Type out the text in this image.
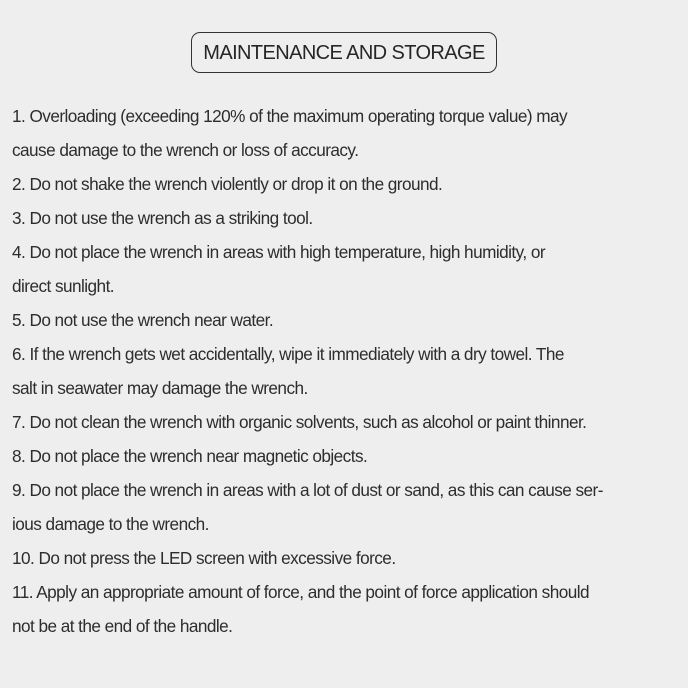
MAINTENANCE AND STORAGE
1. Overloading (exceeding 120% of the maximum operating torque value) may
cause damage to the wrench or loss of accuracy.
2. Do not shake the wrench violently or drop it on the ground.
3. Do not use the wrench as a striking tool.
4. Do not place the wrench in areas with high temperature, high humidity, or
direct sunlight.
5. Do not use the wrench near water.
6. If the wrench gets wet accidentally, wipe it immediately with a dry towel. The
salt in seawater may damage the wrench.
7. Do not clean the wrench with organic solvents, such as alcohol or paint thinner.
8. Do not place the wrench near magnetic objects.
9. Do not place the wrench in areas with a lot of dust or sand, as this can cause ser-
ious damage to the wrench.
10. Do not press the LED screen with excessive force.
11. Apply an appropriate amount of force, and the point of force application should
not be at the end of the handle.
